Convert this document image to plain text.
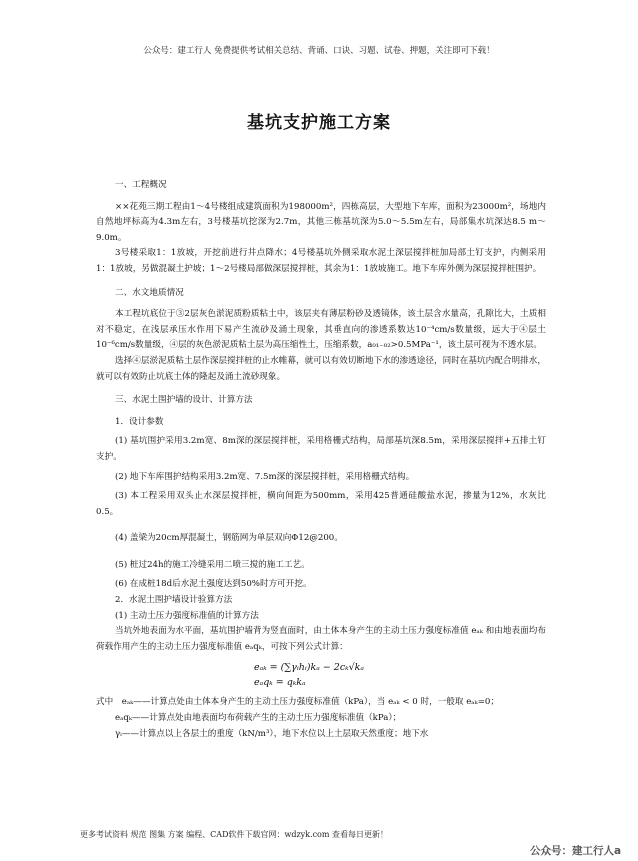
公众号：建工行人 免费提供考试相关总结、背诵、口诀、习题、试卷、押题，关注即可下载！
基坑支护施工方案

一、工程概况

××花苑三期工程由1～4号楼组成建筑面积为198000m²，四栋高层，大型地下车库，面积为23000m²，场地内自然地坪标高为4.3m左右，3号楼基坑挖深为2.7m，其他三栋基坑深为5.0～5.5m左右，局部集水坑深达8.5 m～9.0m。

3号楼采取1：1放坡，开挖前进行井点降水；4号楼基坑外侧采取水泥土深层搅拌桩加局部土钉支护，内侧采用1：1放坡，另做混凝土护坡；1～2号楼局部做深层搅拌桩，其余为1：1放坡施工。地下车库外侧为深层搅拌桩围护。

二、水文地质情况

本工程坑底位于③2层灰色淤泥质粉质粘土中，该层夹有薄层粉砂及透镜体，该土层含水量高，孔隙比大，土质相对不稳定，在浅层承压水作用下易产生流砂及涌土现象，其垂直向的渗透系数达10⁻⁴cm/s数量级，远大于④层土10⁻⁶cm/s数量级，④层的灰色淤泥质粘土层为高压缩性土，压缩系数，a₀₁₋₀₂>0.5MPa⁻¹，该土层可视为不透水层。

选择④层淤泥质粘土层作深层搅拌桩的止水帷幕，就可以有效切断地下水的渗透途径，同时在基坑内配合明排水，就可以有效防止坑底土体的隆起及涌土流砂现象。

三、水泥土围护墙的设计、计算方法

1．设计参数

(1) 基坑围护采用3.2m宽、8m深的深层搅拌桩，采用格栅式结构，局部基坑深8.5m，采用深层搅拌+五排土钉支护。

(2) 地下车库围护结构采用3.2m宽、7.5m深的深层搅拌桩，采用格栅式结构。

(3) 本工程采用双头止水深层搅拌桩，横向间距为500mm，采用425普通硅酸盐水泥，掺量为12%，水灰比0.5。

(4) 盖梁为20cm厚混凝土，钢筋网为单层双向Φ12@200。

(5) 桩过24h的施工冷缝采用二喷三搅的施工工艺。

(6) 在成桩18d后水泥土强度达到50%时方可开挖。

2．水泥土围护墙设计验算方法

(1) 主动土压力强度标准值的计算方法

当坑外地表面为水平面，基坑围护墙背为竖直面时，由土体本身产生的主动土压力强度标准值 eₐₖ 和由地表面均布荷载作用产生的主动土压力强度标准值 eₐqₖ，可按下列公式计算：

eₐₖ = (∑γᵢhᵢ)kₐ − 2cₖ√kₐ
eₐqₖ = qₖkₐ

式中　eₐₖ——计算点处由土体本身产生的主动土压力强度标准值（kPa），当 eₐₖ < 0 时，一般取 eₐₖ=0；

eₐqₖ——计算点处由地表面均布荷载产生的主动土压力强度标准值（kPa）；

γᵢ——计算点以上各层土的重度（kN/m³），地下水位以上土层取天然重度；地下水

更多考试资料 规范 图集 方案 编程、CAD软件下载官网：wdzyk.com 查看每日更新！
公众号：建工行人a
